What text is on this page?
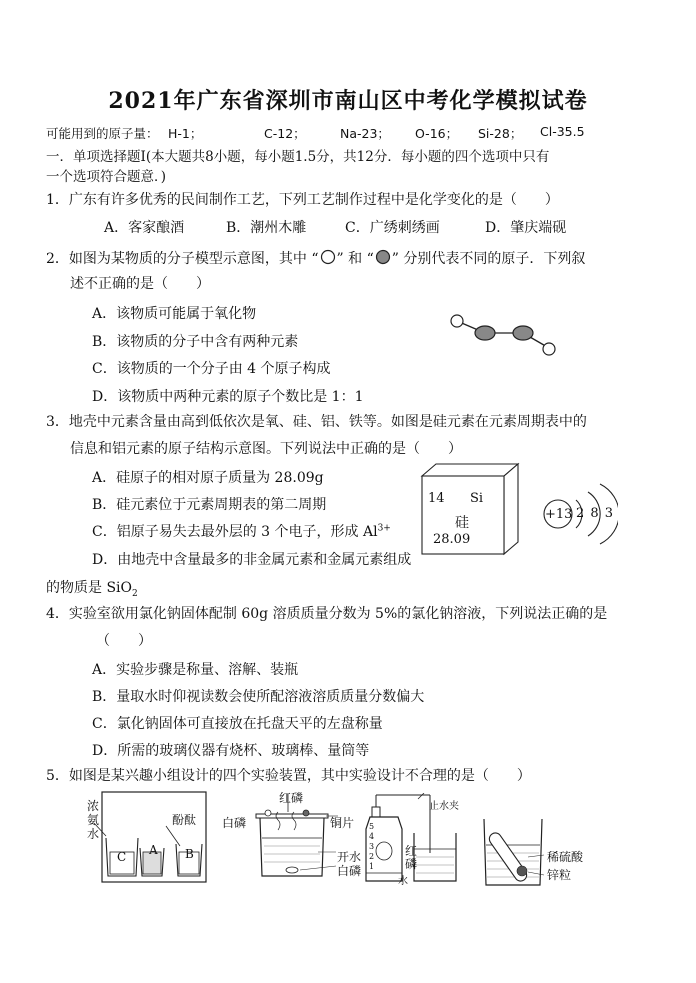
2021年广东省深圳市南山区中考化学模拟试卷
可能用到的原子量： H-1；	C-12；	Na-23； O-16； Si-28； Cl-35.5
一．单项选择题Ⅰ(本大题共8小题，每小题1.5分，共12分．每小题的四个选项中只有
一个选项符合题意．)
1．广东有许多优秀的民间制作工艺，下列工艺制作过程中是化学变化的是（　　）
A．客家酿酒	B．潮州木雕	C．广绣刺绣画	D．肇庆端砚
2．如图为某物质的分子模型示意图，其中 “ ” 和 “ ” 分别代表不同的原子．下列叙
述不正确的是（　　）
A．该物质可能属于氧化物
B．该物质的分子中含有两种元素
C．该物质的一个分子由 4 个原子构成
D．该物质中两种元素的原子个数比是 1：1
3．地壳中元素含量由高到低依次是氧、硅、铝、铁等。如图是硅元素在元素周期表中的
信息和铝元素的原子结构示意图。下列说法中正确的是（　　）
A．硅原子的相对原子质量为 28.09g
B．硅元素位于元素周期表的第二周期
C．铝原子易失去最外层的 3 个电子，形成 $Al^{3+}$
D．由地壳中含量最多的非金属元素和金属元素组成
的物质是 SiO$_2$
14 Si
硅
28.09
+13 2 8 3
4．实验室欲用氯化钠固体配制 60g 溶质质量分数为 5%的氯化钠溶液，下列说法正确的是
（　　）
A．实验步骤是称量、溶解、装瓶
B．量取水时仰视读数会使所配溶液溶质质量分数偏大
C．氯化钠固体可直接放在托盘天平的左盘称量
D．所需的玻璃仪器有烧杯、玻璃棒、量筒等
5．如图是某兴趣小组设计的四个实验装置，其中实验设计不合理的是（　　）
浓氨水
酚酞
C A B
红磷
白磷	铜片
开水
白磷
止水夹
红磷
水
5
4
3
2
1
稀硫酸
锌粒
